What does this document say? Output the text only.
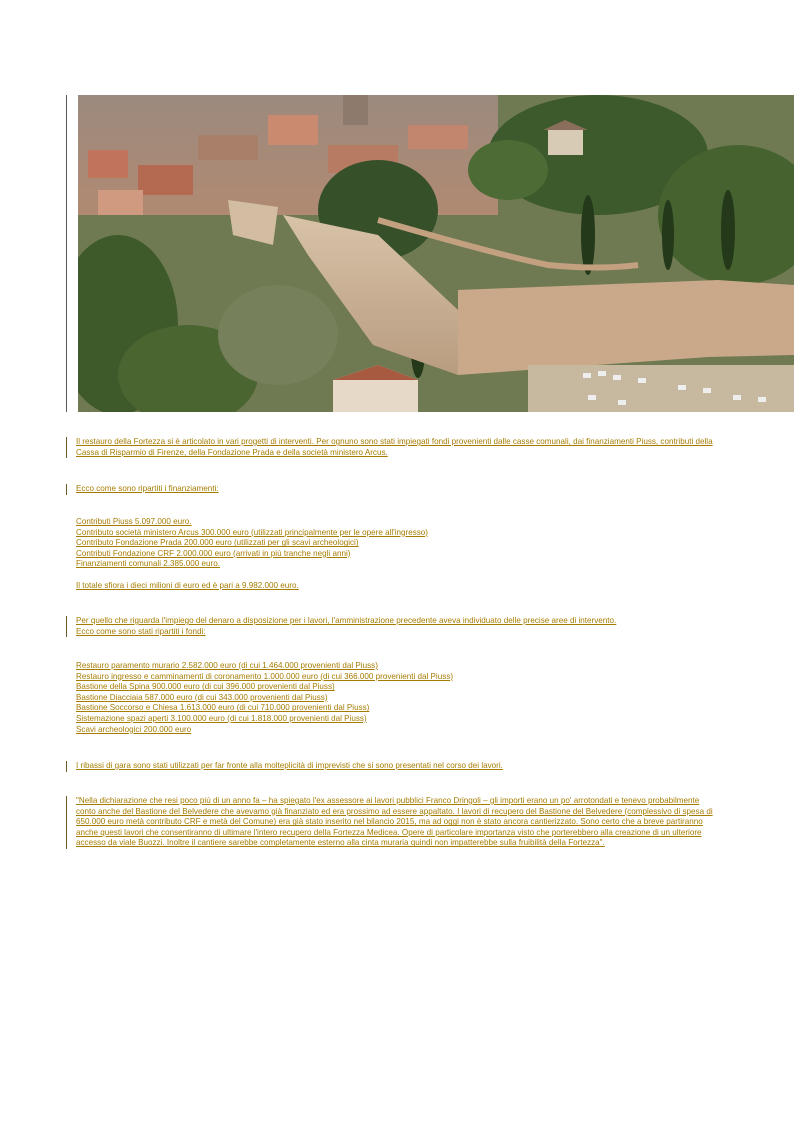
Il restauro della Fortezza si è articolato in vari progetti di interventi. Per ognuno sono stati impiegati fondi provenienti dalle casse comunali, dai finanziamenti Piuss, contributi della Cassa di Risparmio di Firenze, della Fondazione Prada e della società ministero Arcus.

Ecco come sono ripartiti i finanziamenti:

Contributi Piuss 5.097.000 euro.
Contributo società ministero Arcus 300.000 euro (utilizzati principalmente per le opere all'ingresso)
Contributo Fondazione Prada 200.000 euro (utilizzati per gli scavi archeologici)
Contributi Fondazione CRF 2.000.000 euro (arrivati in più tranche negli anni)
Finanziamenti comunali 2.385.000 euro.
Il totale sfiora i dieci milioni di euro ed è pari a 9.982.000 euro.
Per quello che riguarda l'impiego del denaro a disposizione per i lavori, l'amministrazione precedente aveva individuato delle precise aree di intervento.
Ecco come sono stati ripartiti i fondi:
Restauro paramento murario 2.582.000 euro (di cui 1.464.000 provenienti dal Piuss)
Restauro ingresso e camminamenti di coronamento 1.000.000 euro (di cui 366.000 provenienti dal Piuss)
Bastione della Spina 900.000 euro (di cui 396.000 provenienti dal Piuss)
Bastione Diacciaia 587.000 euro (di cui 343.000 provenienti dal Piuss)
Bastione Soccorso e Chiesa 1.613.000 euro (di cui 710.000 provenienti dal Piuss)
Sistemazione spazi aperti 3.100.000 euro (di cui 1.818.000 provenienti dal Piuss)
Scavi archeologici 200.000 euro

I ribassi di gara sono stati utilizzati per far fronte alla molteplicità di imprevisti che si sono presentati nel corso dei lavori.

"Nella dichiarazione che resi poco più di un anno fa – ha spiegato l'ex assessore ai lavori pubblici Franco Dringoli – gli importi erano un po' arrotondati e tenevo probabilmente conto anche del Bastione del Belvedere che avevamo già finanziato ed era prossimo ad essere appaltato. I lavori di recupero del Bastione del Belvedere (complessivo di spesa di 650.000 euro metà contributo CRF e metà del Comune) era già stato inserito nel bilancio 2015, ma ad oggi non è stato ancora cantierizzato. Sono certo che a breve partiranno anche questi lavori che consentiranno di ultimare l'intero recupero della Fortezza Medicea. Opere di particolare importanza visto che porterebbero alla creazione di un ulteriore accesso da viale Buozzi. Inoltre il cantiere sarebbe completamente esterno alla cinta muraria quindi non impatterebbe sulla fruibilità della Fortezza".
